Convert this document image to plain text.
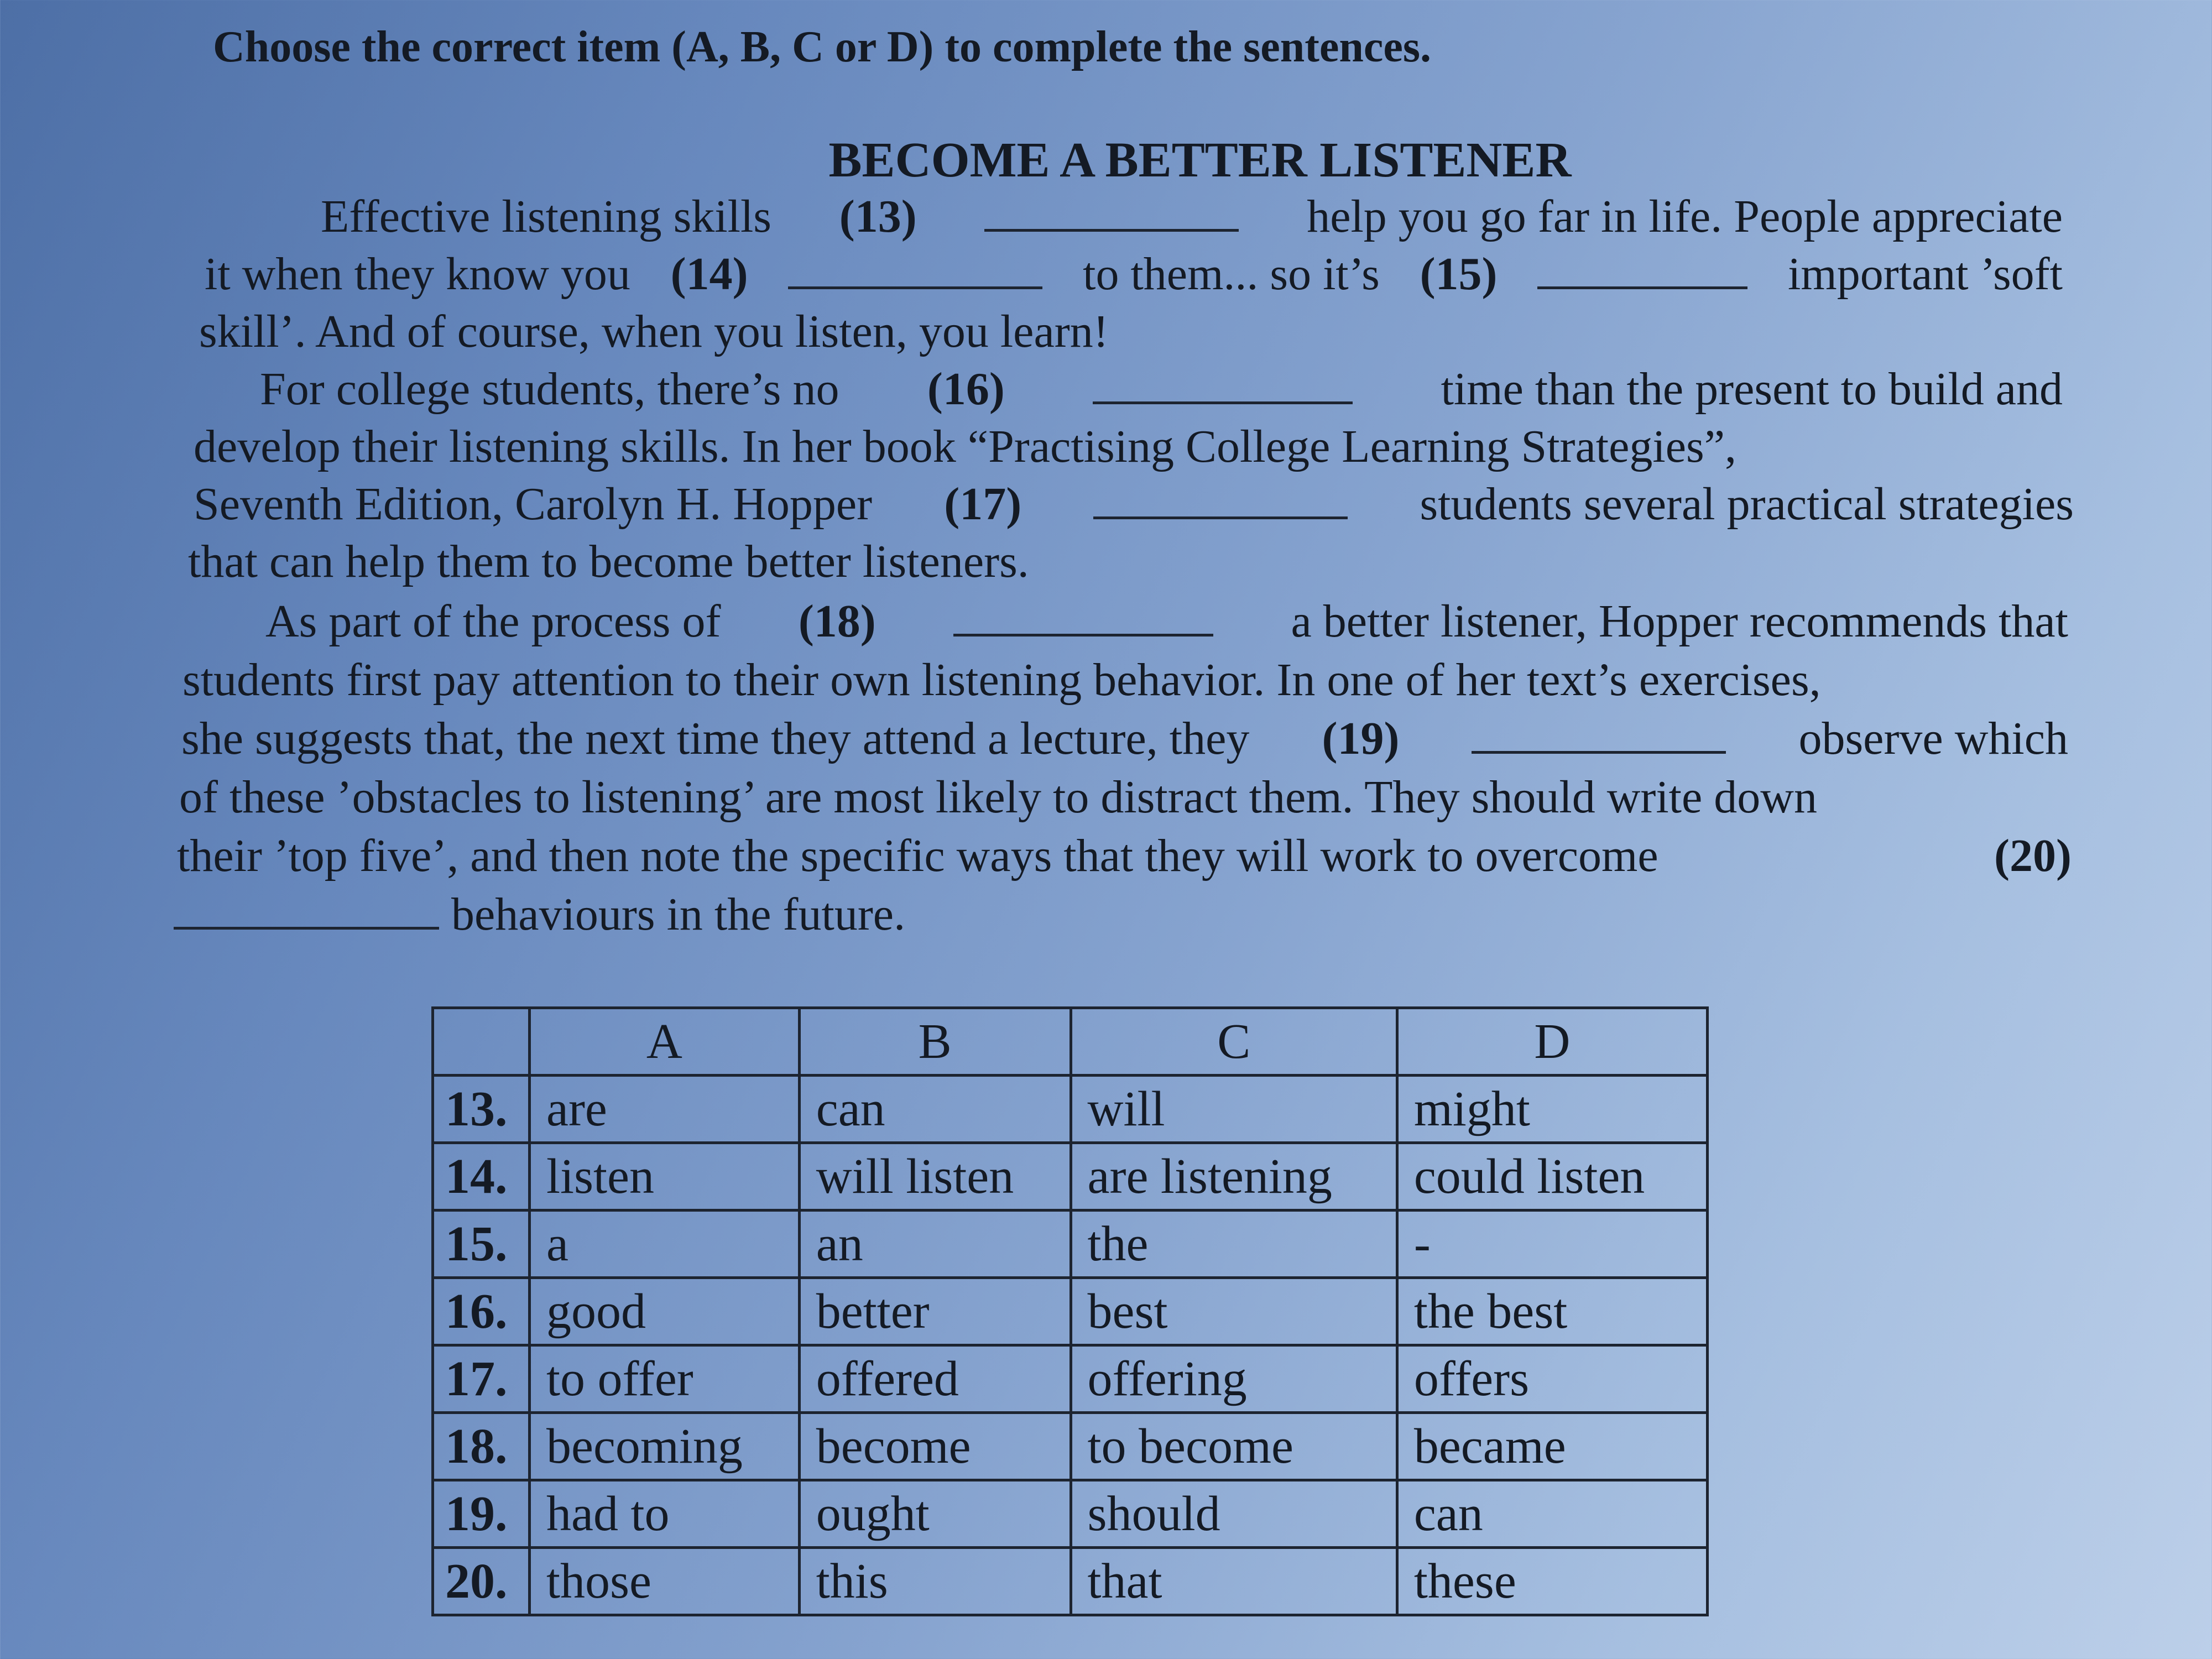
Choose the correct item (A, B, C or D) to complete the sentences.
BECOME A BETTER LISTENER
Effective listening skills (13)	help you go far in life. People appreciate
it when they know you (14)	to them... so it’s (15)	important ’soft
skill’. And of course, when you listen, you learn!
For college students, there’s no (16)	time than the present to build and
develop their listening skills. In her book “Practising College Learning Strategies”,
Seventh Edition, Carolyn H. Hopper (17)	students several practical strategies
that can help them to become better listeners.
As part of the process of (18)	a better listener, Hopper recommends that
students first pay attention to their own listening behavior. In one of her text’s exercises,
she suggests that, the next time they attend a lecture, they (19)	observe which
of these ’obstacles to listening’ are most likely to distract them. They should write down
their ’top five’, and then note the specific ways that they will work to overcome	(20)
behaviours in the future.
	A	B	C	D
13.	are	can	will	might
14.	listen	will listen	are listening	could listen
15.	a	an	the	-
16.	good	better	best	the best
17.	to offer	offered	offering	offers
18.	becoming	become	to become	became
19.	had to	ought	should	can
20.	those	this	that	these
